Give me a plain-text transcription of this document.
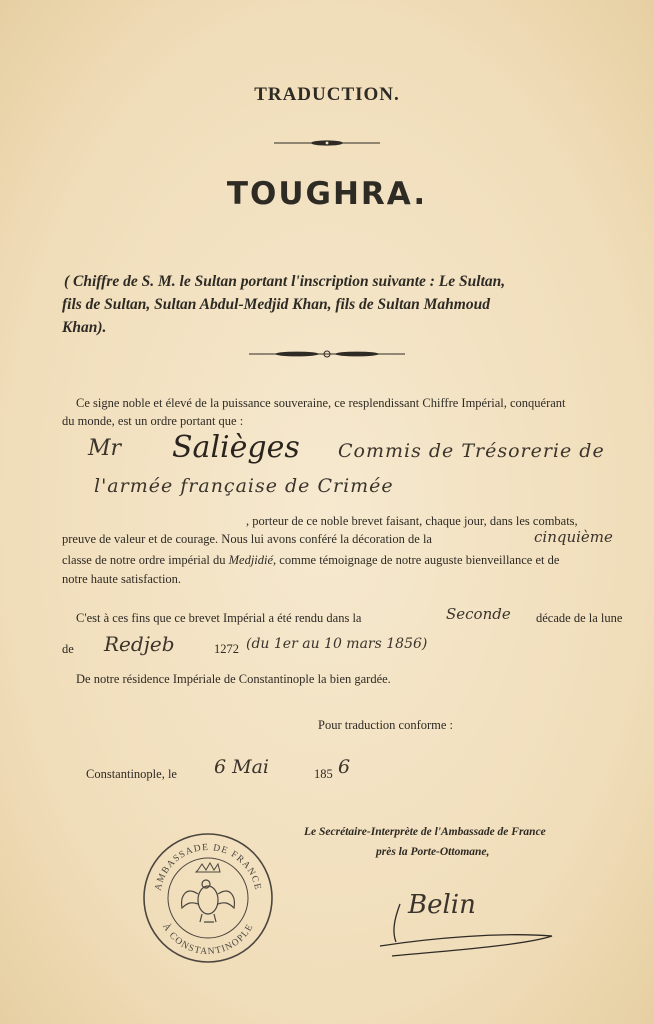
TRADUCTION.
TOUGHRA.
( Chiffre de S. M. le Sultan portant l'inscription suivante : Le Sultan,
fils de Sultan, Sultan Abdul-Medjid Khan, fils de Sultan Mahmoud
Khan).
Ce signe noble et élevé de la puissance souveraine, ce resplendissant Chiffre Impérial, conquérant
du monde, est un ordre portant que :
Mr Salièges Commis de Trésorerie de
l'armée française de Crimée
, porteur de ce noble brevet faisant, chaque jour, dans les combats,
preuve de valeur et de courage. Nous lui avons conféré la décoration de la	cinquième
classe de notre ordre impérial du Medjidié, comme témoignage de notre auguste bienveillance et de
notre haute satisfaction.
C'est à ces fins que ce brevet Impérial a été rendu dans la	Seconde décade de la lune
de Redjeb	1272 (du 1er au 10 mars 1856)
De notre résidence Impériale de Constantinople la bien gardée.
Pour traduction conforme :
Constantinople, le 6 Mai	185 6
Le Secrétaire-Interprète de l'Ambassade de France
près la Porte-Ottomane,
Belin
AMBASSADE DE FRANCE
À CONSTANTINOPLE
